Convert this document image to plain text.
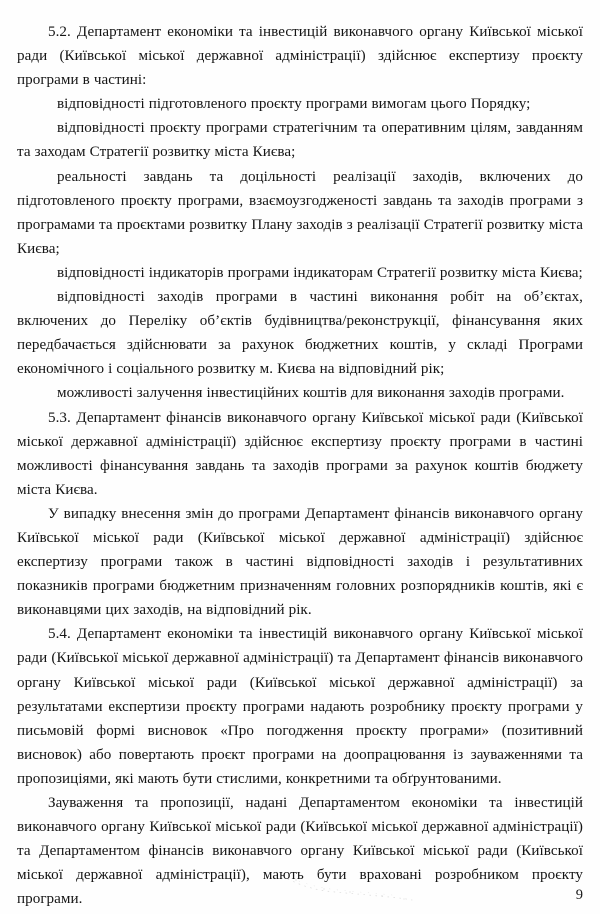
5.2. Департамент економіки та інвестицій виконавчого органу Київської міської ради (Київської міської державної адміністрації) здійснює експертизу проєкту програми в частині:

відповідності підготовленого проєкту програми вимогам цього Порядку;

відповідності проєкту програми стратегічним та оперативним цілям, завданням та заходам Стратегії розвитку міста Києва;

реальності завдань та доцільності реалізації заходів, включених до підготовленого проєкту програми, взаємоузгодженості завдань та заходів програми з програмами та проєктами розвитку Плану заходів з реалізації Стратегії розвитку міста Києва;

відповідності індикаторів програми індикаторам Стратегії розвитку міста Києва;

відповідності заходів програми в частині виконання робіт на об’єктах, включених до Переліку об’єктів будівництва/реконструкції, фінансування яких передбачається здійснювати за рахунок бюджетних коштів, у складі Програми економічного і соціального розвитку м. Києва на відповідний рік;

можливості залучення інвестиційних коштів для виконання заходів програми.

5.3. Департамент фінансів виконавчого органу Київської міської ради (Київської міської державної адміністрації) здійснює експертизу проєкту програми в частині можливості фінансування завдань та заходів програми за рахунок коштів бюджету міста Києва.

У випадку внесення змін до програми Департамент фінансів виконавчого органу Київської міської ради (Київської міської державної адміністрації) здійснює експертизу програми також в частині відповідності заходів і результативних показників програми бюджетним призначенням головних розпорядників коштів, які є виконавцями цих заходів, на відповідний рік.

5.4. Департамент економіки та інвестицій виконавчого органу Київської міської ради (Київської міської державної адміністрації) та Департамент фінансів виконавчого органу Київської міської ради (Київської міської державної адміністрації) за результатами експертизи проєкту програми надають розробнику проєкту програми у письмовій формі висновок «Про погодження проєкту програми» (позитивний висновок) або повертають проєкт програми на доопрацювання із зауваженнями та пропозиціями, які мають бути стислими, конкретними та обґрунтованими.

Зауваження та пропозиції, надані Департаментом економіки та інвестицій виконавчого органу Київської міської ради (Київської міської державної адміністрації) та Департаментом фінансів виконавчого органу Київської міської ради (Київської міської державної адміністрації), мають бути враховані розробником проєкту програми.	9
